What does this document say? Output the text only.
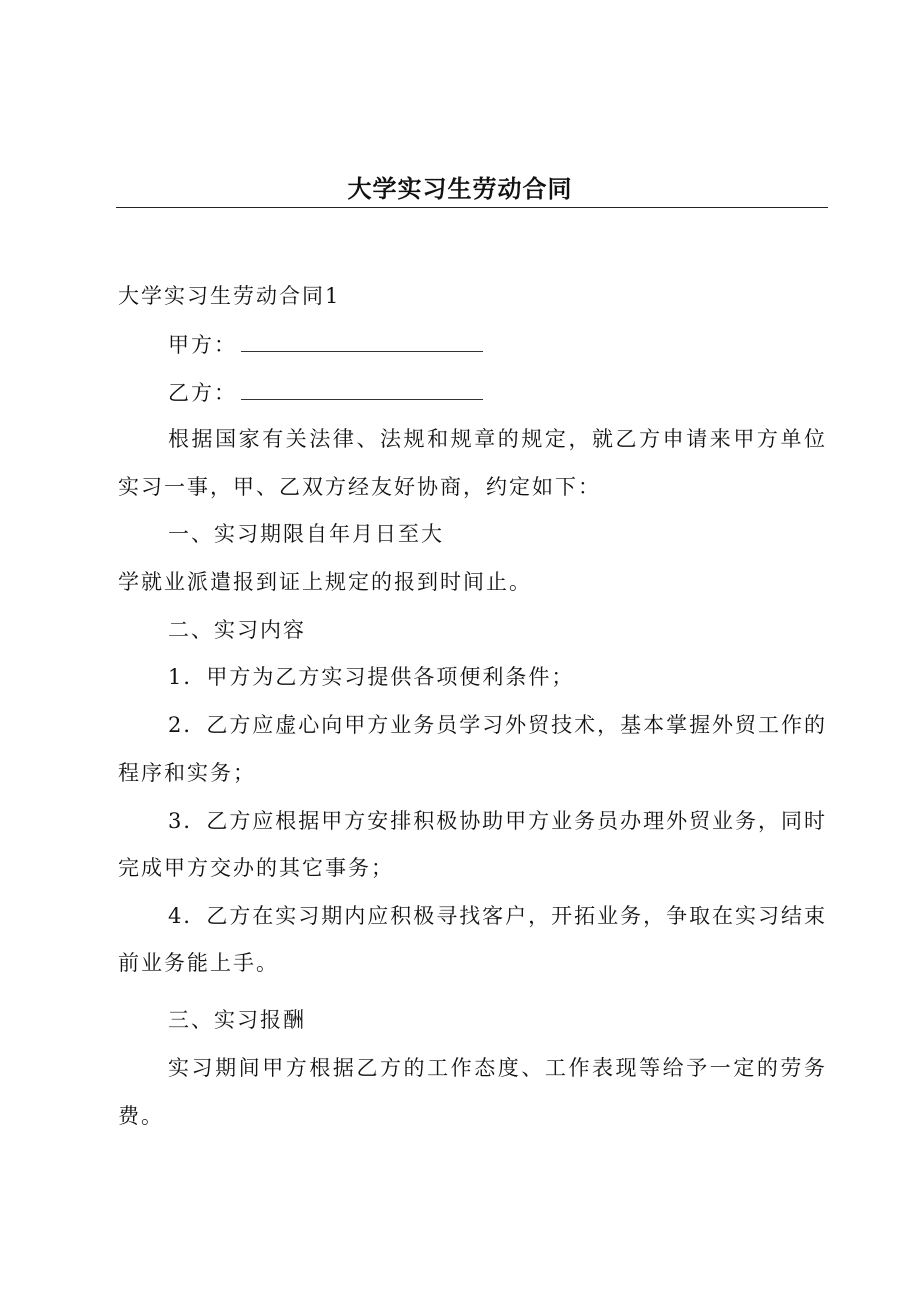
大学实习生劳动合同
大学实习生劳动合同1
甲方：
乙方：
根据国家有关法律、法规和规章的规定，就乙方申请来甲方单位
实习一事，甲、乙双方经友好协商，约定如下：
一、实习期限自年月日至大
学就业派遣报到证上规定的报到时间止。
二、实习内容
1．甲方为乙方实习提供各项便利条件；
2．乙方应虚心向甲方业务员学习外贸技术，基本掌握外贸工作的
程序和实务；
3．乙方应根据甲方安排积极协助甲方业务员办理外贸业务，同时
完成甲方交办的其它事务；
4．乙方在实习期内应积极寻找客户，开拓业务，争取在实习结束
前业务能上手。
三、实习报酬
实习期间甲方根据乙方的工作态度、工作表现等给予一定的劳务
费。
